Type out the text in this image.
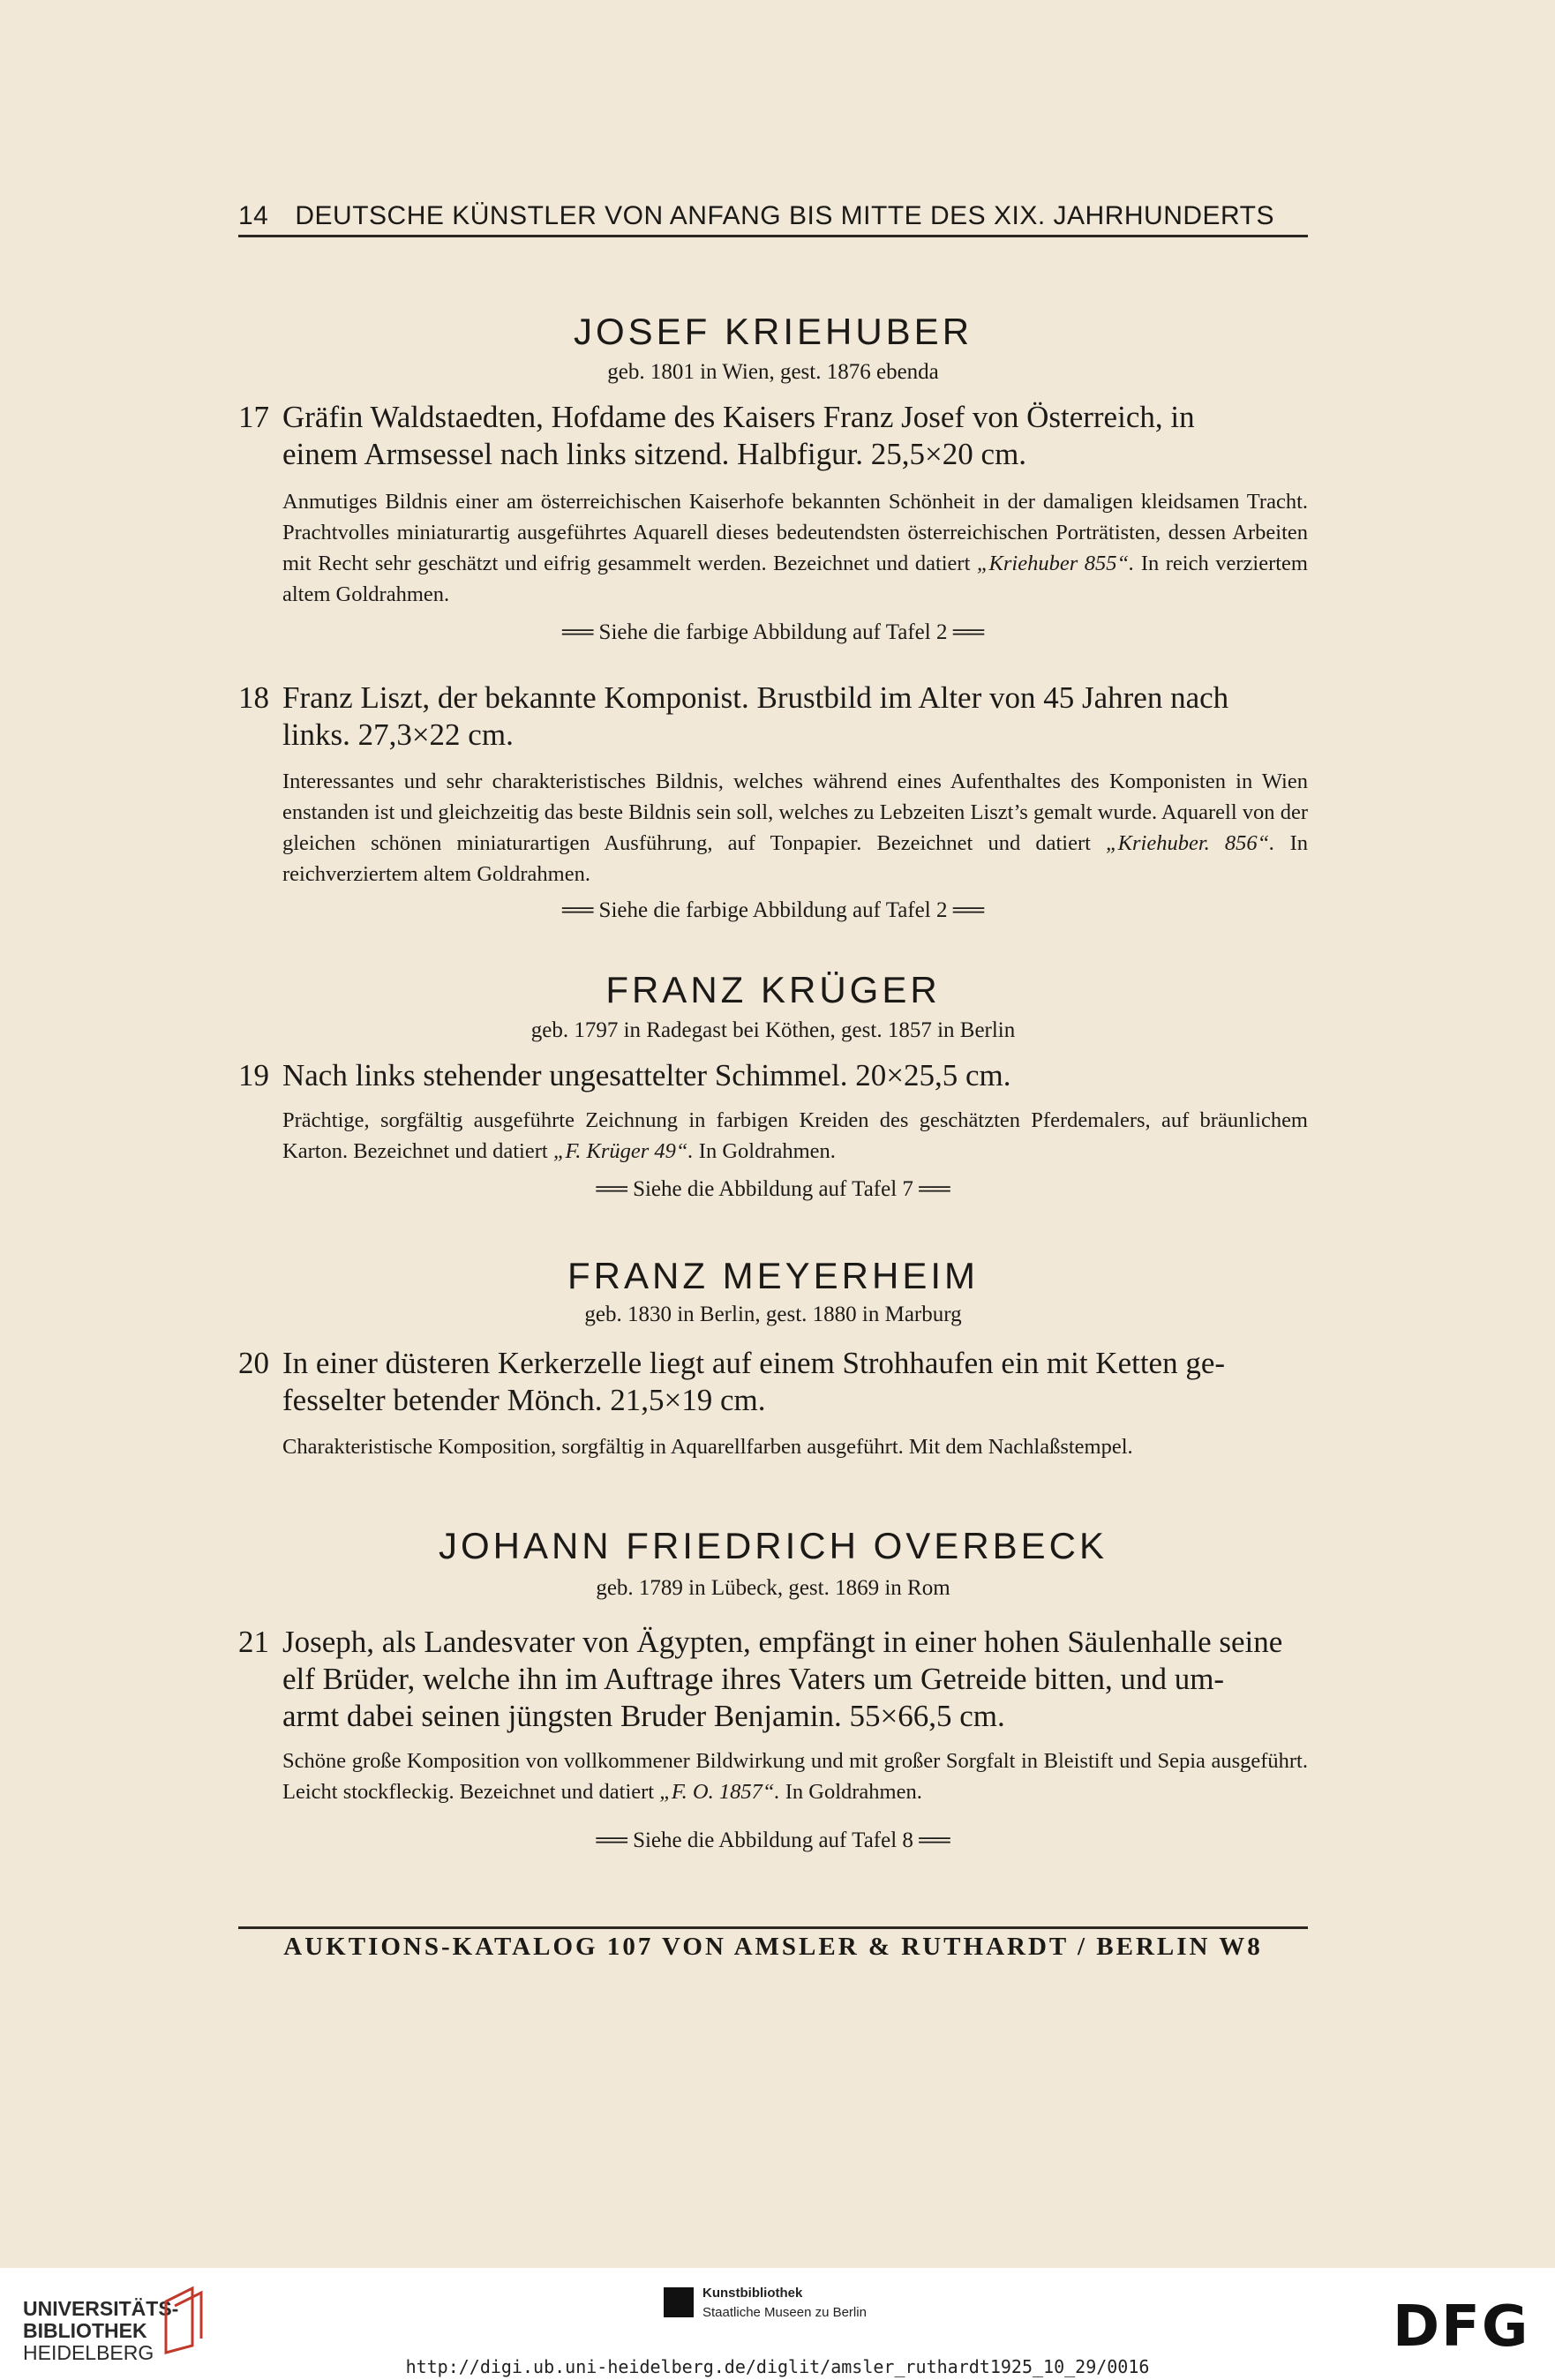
14 DEUTSCHE KÜNSTLER VON ANFANG BIS MITTE DES XIX. JAHRHUNDERTS
JOSEF KRIEHUBER
geb. 1801 in Wien, gest. 1876 ebenda
17 Gräfin Waldstaedten, Hofdame des Kaisers Franz Josef von Österreich, in
einem Armsessel nach links sitzend. Halbfigur. 25,5×20 cm.
Anmutiges Bildnis einer am österreichischen Kaiserhofe bekannten Schönheit in der damaligen kleidsamen Tracht. Prachtvolles miniaturartig ausgeführtes Aquarell dieses bedeutendsten österreichischen Porträtisten, dessen Arbeiten mit Recht sehr geschätzt und eifrig gesammelt werden. Bezeichnet und datiert „Kriehuber 855“. In reich verziertem altem Goldrahmen.
══ Siehe die farbige Abbildung auf Tafel 2 ══
18 Franz Liszt, der bekannte Komponist. Brustbild im Alter von 45 Jahren nach
links. 27,3×22 cm.
Interessantes und sehr charakteristisches Bildnis, welches während eines Aufenthaltes des Komponisten in Wien enstanden ist und gleichzeitig das beste Bildnis sein soll, welches zu Lebzeiten Liszt’s gemalt wurde. Aquarell von der gleichen schönen miniaturartigen Ausführung, auf Tonpapier. Bezeichnet und datiert „Kriehuber. 856“. In reichverziertem altem Goldrahmen.
══ Siehe die farbige Abbildung auf Tafel 2 ══
FRANZ KRÜGER
geb. 1797 in Radegast bei Köthen, gest. 1857 in Berlin
19 Nach links stehender ungesattelter Schimmel. 20×25,5 cm.
Prächtige, sorgfältig ausgeführte Zeichnung in farbigen Kreiden des geschätzten Pferdemalers, auf bräunlichem Karton. Bezeichnet und datiert „F. Krüger 49“. In Goldrahmen.
══ Siehe die Abbildung auf Tafel 7 ══
FRANZ MEYERHEIM
geb. 1830 in Berlin, gest. 1880 in Marburg
20 In einer düsteren Kerkerzelle liegt auf einem Strohhaufen ein mit Ketten ge-
fesselter betender Mönch. 21,5×19 cm.
Charakteristische Komposition, sorgfältig in Aquarellfarben ausgeführt. Mit dem Nachlaßstempel.
JOHANN FRIEDRICH OVERBECK
geb. 1789 in Lübeck, gest. 1869 in Rom
21 Joseph, als Landesvater von Ägypten, empfängt in einer hohen Säulenhalle seine
elf Brüder, welche ihn im Auftrage ihres Vaters um Getreide bitten, und um-
armt dabei seinen jüngsten Bruder Benjamin. 55×66,5 cm.
Schöne große Komposition von vollkommener Bildwirkung und mit großer Sorgfalt in Bleistift und Sepia ausgeführt. Leicht stockfleckig. Bezeichnet und datiert „F. O. 1857“. In Goldrahmen.
══ Siehe die Abbildung auf Tafel 8 ══
AUKTIONS-KATALOG 107 VON AMSLER & RUTHARDT / BERLIN W8
UNIVERSITÄTS-
BIBLIOTHEK
HEIDELBERG
Kunstbibliothek
Staatliche Museen zu Berlin	DFG
http://digi.ub.uni-heidelberg.de/diglit/amsler_ruthardt1925_10_29/0016
